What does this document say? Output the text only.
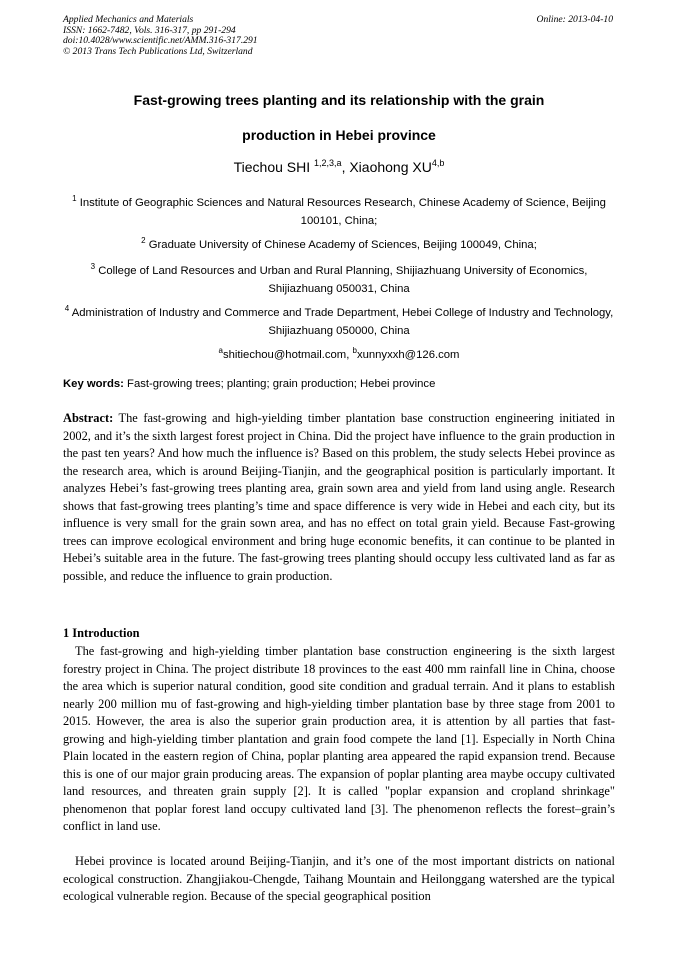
Applied Mechanics and Materials
ISSN: 1662-7482, Vols. 316-317, pp 291-294
doi:10.4028/www.scientific.net/AMM.316-317.291
© 2013 Trans Tech Publications Ltd, Switzerland
Online: 2013-04-10
Fast-growing trees planting and its relationship with the grain
production in Hebei province
Tiechou SHI $^{1,2,3,a}$, Xiaohong XU$^{4,b}$
$^1$ Institute of Geographic Sciences and Natural Resources Research, Chinese Academy of Science, Beijing 100101, China;
$^2$ Graduate University of Chinese Academy of Sciences, Beijing 100049, China;
$^3$ College of Land Resources and Urban and Rural Planning, Shijiazhuang University of Economics, Shijiazhuang 050031, China
$^4$ Administration of Industry and Commerce and Trade Department, Hebei College of Industry and Technology, Shijiazhuang 050000, China
$^a$shitiechou@hotmail.com, $^b$xunnyxxh@126.com
Key words: Fast-growing trees; planting; grain production; Hebei province
Abstract: The fast-growing and high-yielding timber plantation base construction engineering initiated in 2002, and it’s the sixth largest forest project in China. Did the project have influence to the grain production in the past ten years? And how much the influence is? Based on this problem, the study selects Hebei province as the research area, which is around Beijing-Tianjin, and the geographical position is particularly important. It analyzes Hebei’s fast-growing trees planting area, grain sown area and yield from land using angle. Research shows that fast-growing trees planting’s time and space difference is very wide in Hebei and each city, but its influence is very small for the grain sown area, and has no effect on total grain yield. Because Fast-growing trees can improve ecological environment and bring huge economic benefits, it can continue to be planted in Hebei’s suitable area in the future. The fast-growing trees planting should occupy less cultivated land as far as possible, and reduce the influence to grain production.
1 Introduction
The fast-growing and high-yielding timber plantation base construction engineering is the sixth largest forestry project in China. The project distribute 18 provinces to the east 400 mm rainfall line in China, choose the area which is superior natural condition, good site condition and gradual terrain. And it plans to establish nearly 200 million mu of fast-growing and high-yielding timber plantation base by three stage from 2001 to 2015. However, the area is also the superior grain production area, it is attention by all parties that fast-growing and high-yielding timber plantation and grain food compete the land [1]. Especially in North China Plain located in the eastern region of China, poplar planting area appeared the rapid expansion trend. Because this is one of our major grain producing areas. The expansion of poplar planting area maybe occupy cultivated land resources, and threaten grain supply [2]. It is called "poplar expansion and cropland shrinkage" phenomenon that poplar forest land occupy cultivated land [3]. The phenomenon reflects the forest–grain’s conflict in land use.
Hebei province is located around Beijing-Tianjin, and it’s one of the most important districts on national ecological construction. Zhangjiakou-Chengde, Taihang Mountain and Heilonggang watershed are the typical ecological vulnerable region. Because of the special geographical position
